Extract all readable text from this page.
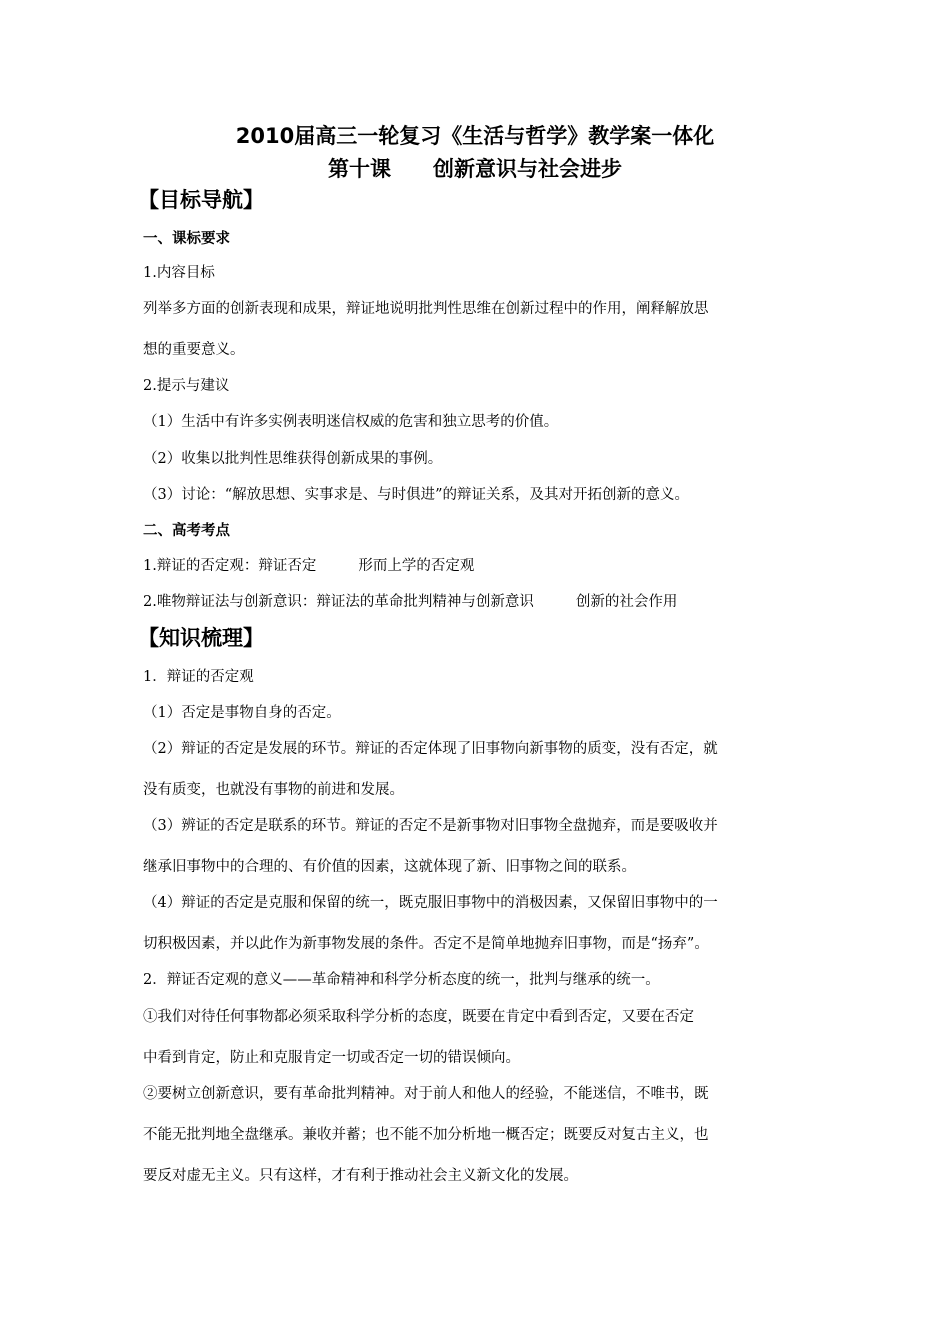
2010届高三一轮复习《生活与哲学》教学案一体化
第十课 创新意识与社会进步
【目标导航】

一、课标要求

1.内容目标

列举多方面的创新表现和成果，辩证地说明批判性思维在创新过程中的作用，阐释解放思

想的重要意义。

2.提示与建议

（1）生活中有许多实例表明迷信权威的危害和独立思考的价值。

（2）收集以批判性思维获得创新成果的事例。

（3）讨论：“解放思想、实事求是、与时俱进”的辩证关系，及其对开拓创新的意义。

二、高考考点

1.辩证的否定观：辩证否定	形而上学的否定观

2.唯物辩证法与创新意识：辩证法的革命批判精神与创新意识	创新的社会作用

【知识梳理】

1．辩证的否定观

（1）否定是事物自身的否定。

（2）辩证的否定是发展的环节。辩证的否定体现了旧事物向新事物的质变，没有否定，就

没有质变，也就没有事物的前进和发展。

（3）辨证的否定是联系的环节。辩证的否定不是新事物对旧事物全盘抛弃，而是要吸收并

继承旧事物中的合理的、有价值的因素，这就体现了新、旧事物之间的联系。

（4）辩证的否定是克服和保留的统一，既克服旧事物中的消极因素，又保留旧事物中的一

切积极因素，并以此作为新事物发展的条件。否定不是简单地抛弃旧事物，而是“扬弃”。

2．辩证否定观的意义——革命精神和科学分析态度的统一，批判与继承的统一。

①我们对待任何事物都必须采取科学分析的态度，既要在肯定中看到否定，又要在否定

中看到肯定，防止和克服肯定一切或否定一切的错误倾向。

②要树立创新意识，要有革命批判精神。对于前人和他人的经验，不能迷信，不唯书，既

不能无批判地全盘继承。兼收并蓄；也不能不加分析地一概否定；既要反对复古主义，也

要反对虚无主义。只有这样，才有利于推动社会主义新文化的发展。
